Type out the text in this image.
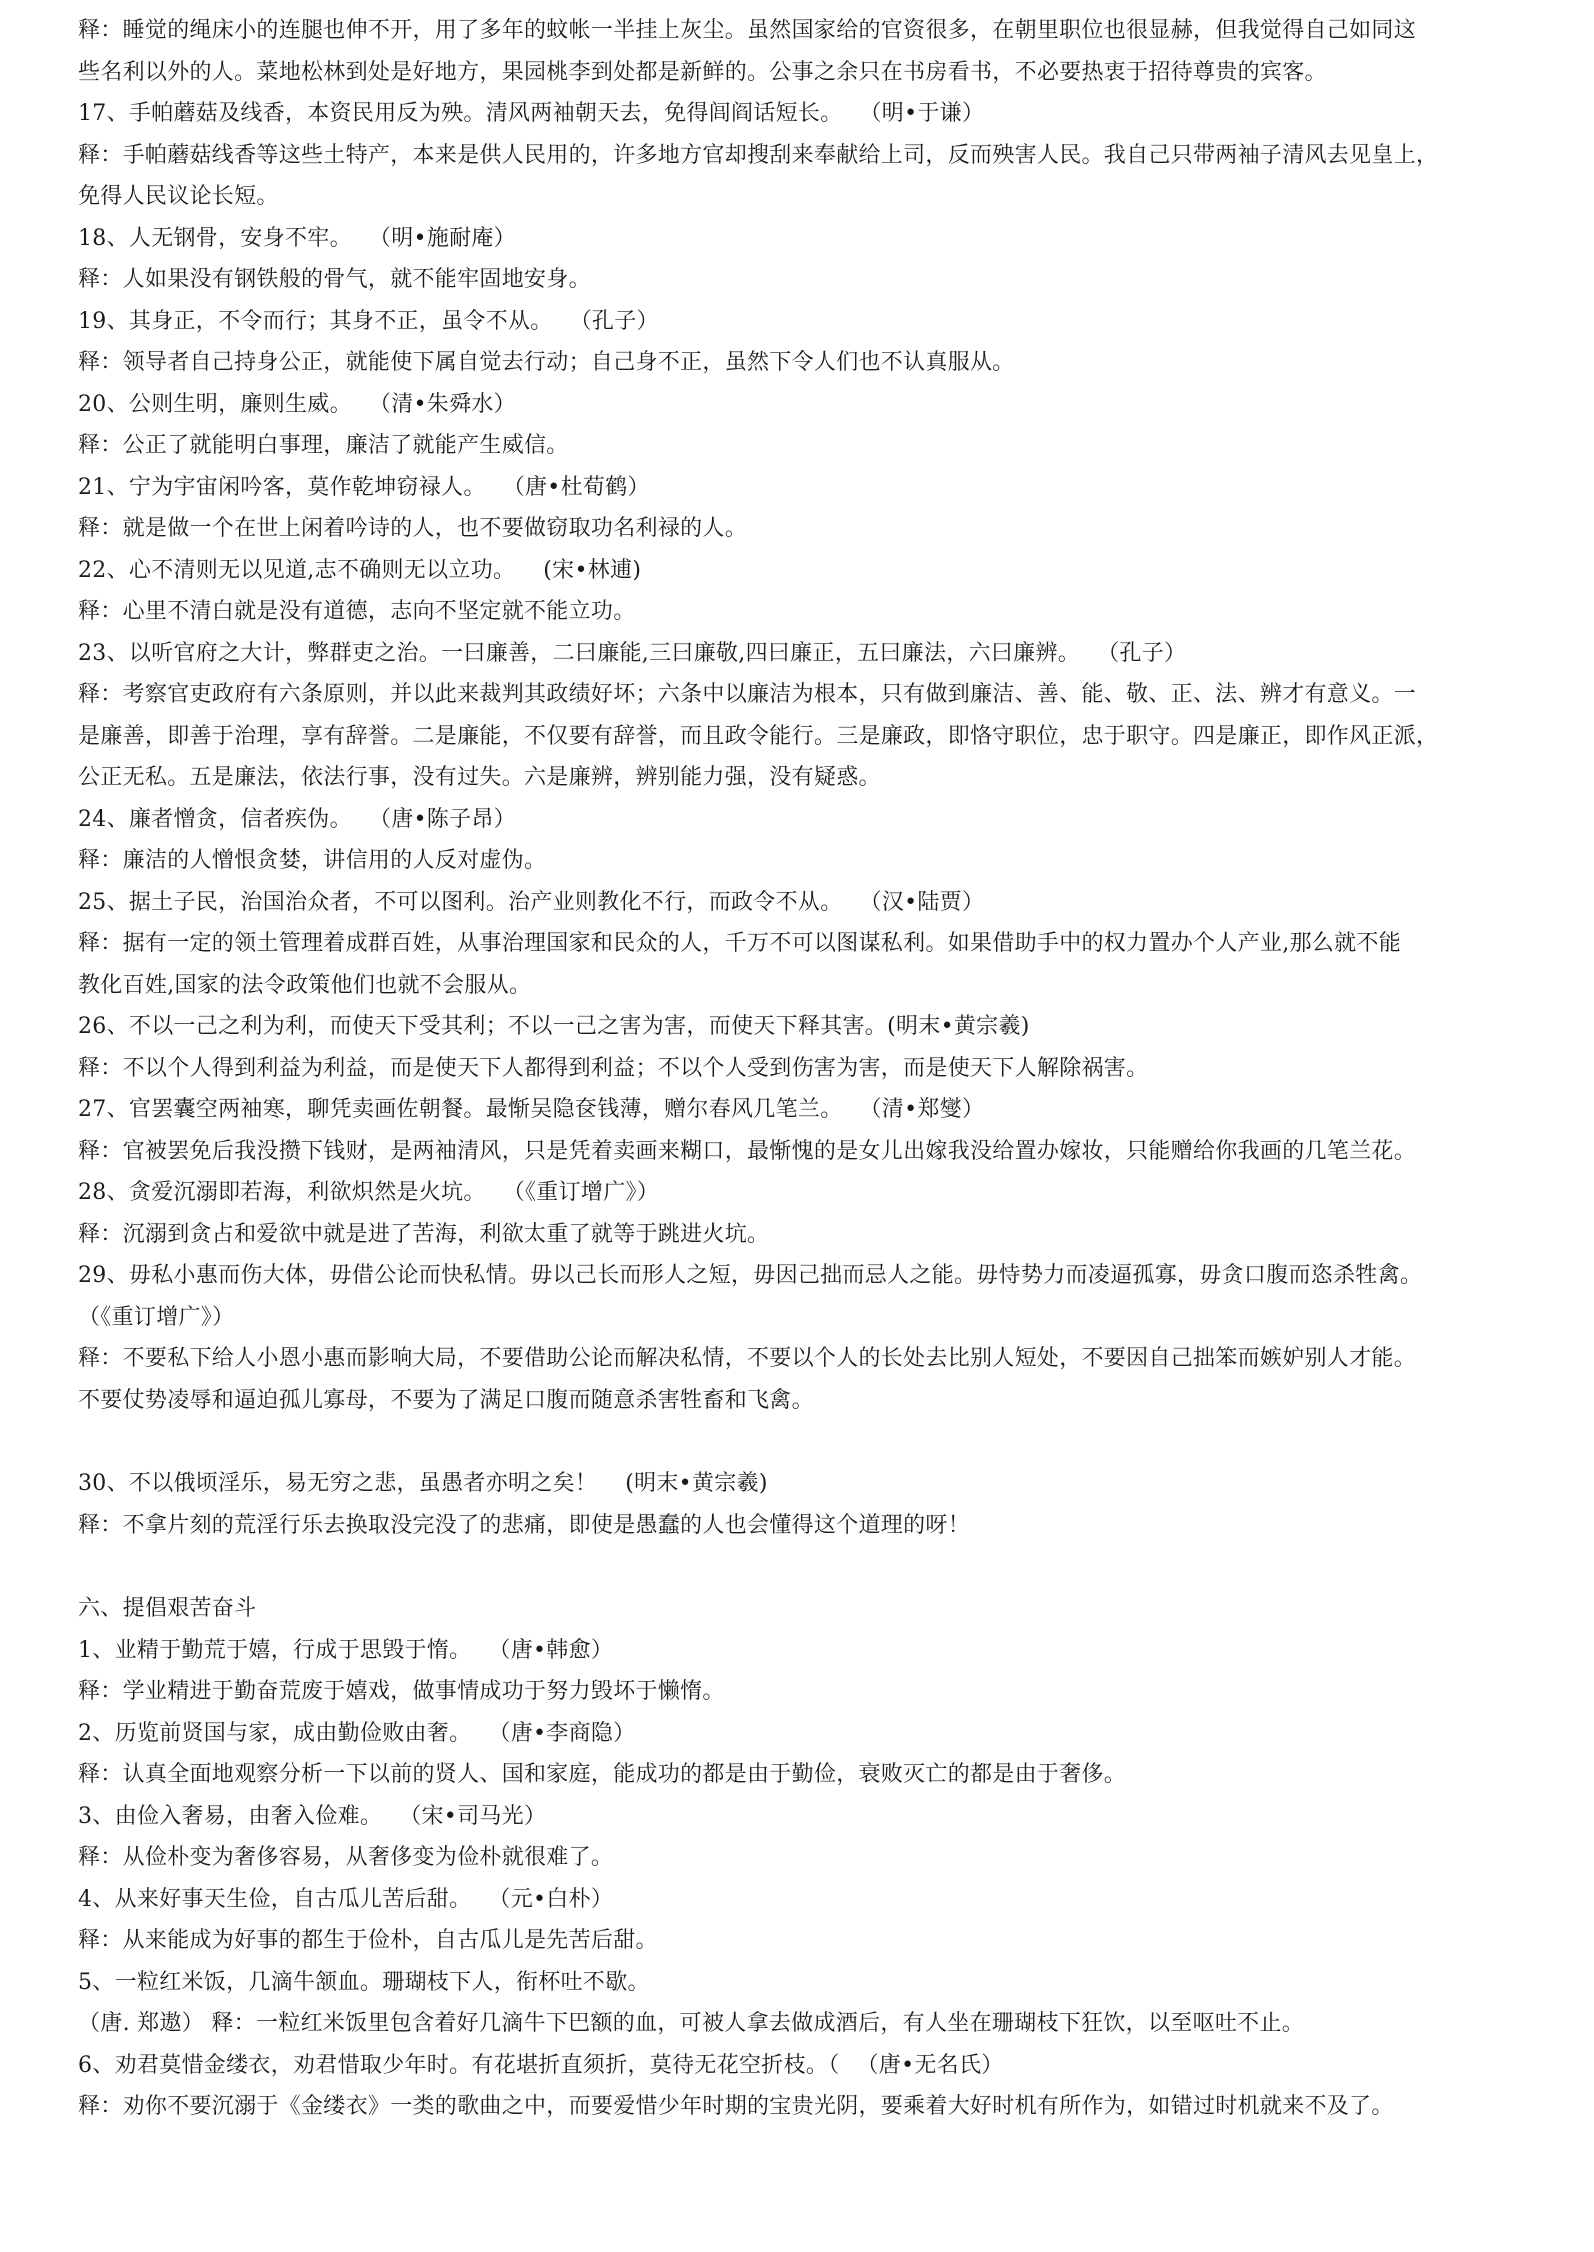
释：睡觉的绳床小的连腿也伸不开，用了多年的蚊帐一半挂上灰尘。虽然国家给的官资很多，在朝里职位也很显赫，但我觉得自己如同这
些名利以外的人。菜地松林到处是好地方，果园桃李到处都是新鲜的。公事之余只在书房看书，不必要热衷于招待尊贵的宾客。
17、手帕蘑菇及线香，本资民用反为殃。清风两袖朝天去，免得闾阎话短长。 （明•于谦）
释：手帕蘑菇线香等这些土特产，本来是供人民用的，许多地方官却搜刮来奉献给上司，反而殃害人民。我自己只带两袖子清风去见皇上，
免得人民议论长短。
18、人无钢骨，安身不牢。 （明•施耐庵）
释：人如果没有钢铁般的骨气，就不能牢固地安身。
19、其身正，不令而行；其身不正，虽令不从。 （孔子）
释：领导者自己持身公正，就能使下属自觉去行动；自己身不正，虽然下令人们也不认真服从。
20、公则生明，廉则生威。 （清•朱舜水）
释：公正了就能明白事理，廉洁了就能产生威信。
21、宁为宇宙闲吟客，莫作乾坤窃禄人。 （唐•杜荀鹤）
释：就是做一个在世上闲着吟诗的人，也不要做窃取功名利禄的人。
22、心不清则无以见道,志不确则无以立功。 (宋•林逋)
释：心里不清白就是没有道德，志向不坚定就不能立功。
23、以听官府之大计，弊群吏之治。一曰廉善，二曰廉能,三曰廉敬,四曰廉正，五曰廉法，六曰廉辨。 （孔子）
释：考察官吏政府有六条原则，并以此来裁判其政绩好坏；六条中以廉洁为根本，只有做到廉洁、善、能、敬、正、法、辨才有意义。一
是廉善，即善于治理，享有辞誉。二是廉能，不仅要有辞誉，而且政令能行。三是廉政，即恪守职位，忠于职守。四是廉正，即作风正派，
公正无私。五是廉法，依法行事，没有过失。六是廉辨，辨别能力强，没有疑惑。
24、廉者憎贪，信者疾伪。 （唐•陈子昂）
释：廉洁的人憎恨贪婪，讲信用的人反对虚伪。
25、据土子民，治国治众者，不可以图利。治产业则教化不行，而政令不从。 （汉•陆贾）
释：据有一定的领土管理着成群百姓，从事治理国家和民众的人，千万不可以图谋私利。如果借助手中的权力置办个人产业,那么就不能
教化百姓,国家的法令政策他们也就不会服从。
26、不以一己之利为利，而使天下受其利；不以一己之害为害，而使天下释其害。(明末•黄宗羲)
释：不以个人得到利益为利益，而是使天下人都得到利益；不以个人受到伤害为害，而是使天下人解除祸害。
27、官罢囊空两袖寒，聊凭卖画佐朝餐。最惭吴隐奁钱薄，赠尔春风几笔兰。 （清•郑燮）
释：官被罢免后我没攒下钱财，是两袖清风，只是凭着卖画来糊口，最惭愧的是女儿出嫁我没给置办嫁妆，只能赠给你我画的几笔兰花。
28、贪爱沉溺即若海，利欲炽然是火坑。 （《重订增广》）
释：沉溺到贪占和爱欲中就是进了苦海，利欲太重了就等于跳进火坑。
29、毋私小惠而伤大体，毋借公论而快私情。毋以己长而形人之短，毋因己拙而忌人之能。毋恃势力而凌逼孤寡，毋贪口腹而恣杀牲禽。
（《重订增广》）
释：不要私下给人小恩小惠而影响大局，不要借助公论而解决私情，不要以个人的长处去比别人短处，不要因自己拙笨而嫉妒别人才能。
不要仗势凌辱和逼迫孤儿寡母，不要为了满足口腹而随意杀害牲畜和飞禽。
30、不以俄顷淫乐，易无穷之悲，虽愚者亦明之矣！ (明末•黄宗羲)
释：不拿片刻的荒淫行乐去换取没完没了的悲痛，即使是愚蠢的人也会懂得这个道理的呀！
六、提倡艰苦奋斗
1、业精于勤荒于嬉，行成于思毁于惰。 （唐•韩愈）
释：学业精进于勤奋荒废于嬉戏，做事情成功于努力毁坏于懒惰。
2、历览前贤国与家，成由勤俭败由奢。 （唐•李商隐）
释：认真全面地观察分析一下以前的贤人、国和家庭，能成功的都是由于勤俭，衰败灭亡的都是由于奢侈。
3、由俭入奢易，由奢入俭难。 （宋•司马光）
释：从俭朴变为奢侈容易，从奢侈变为俭朴就很难了。
4、从来好事天生俭，自古瓜儿苦后甜。 （元•白朴）
释：从来能成为好事的都生于俭朴，自古瓜儿是先苦后甜。
5、一粒红米饭，几滴牛颔血。珊瑚枝下人，衔杯吐不歇。
（唐. 郑遨） 释：一粒红米饭里包含着好几滴牛下巴额的血，可被人拿去做成酒后，有人坐在珊瑚枝下狂饮，以至呕吐不止。
6、劝君莫惜金缕衣，劝君惜取少年时。有花堪折直须折，莫待无花空折枝。（ （唐•无名氏）
释：劝你不要沉溺于《金缕衣》一类的歌曲之中，而要爱惜少年时期的宝贵光阴，要乘着大好时机有所作为，如错过时机就来不及了。
